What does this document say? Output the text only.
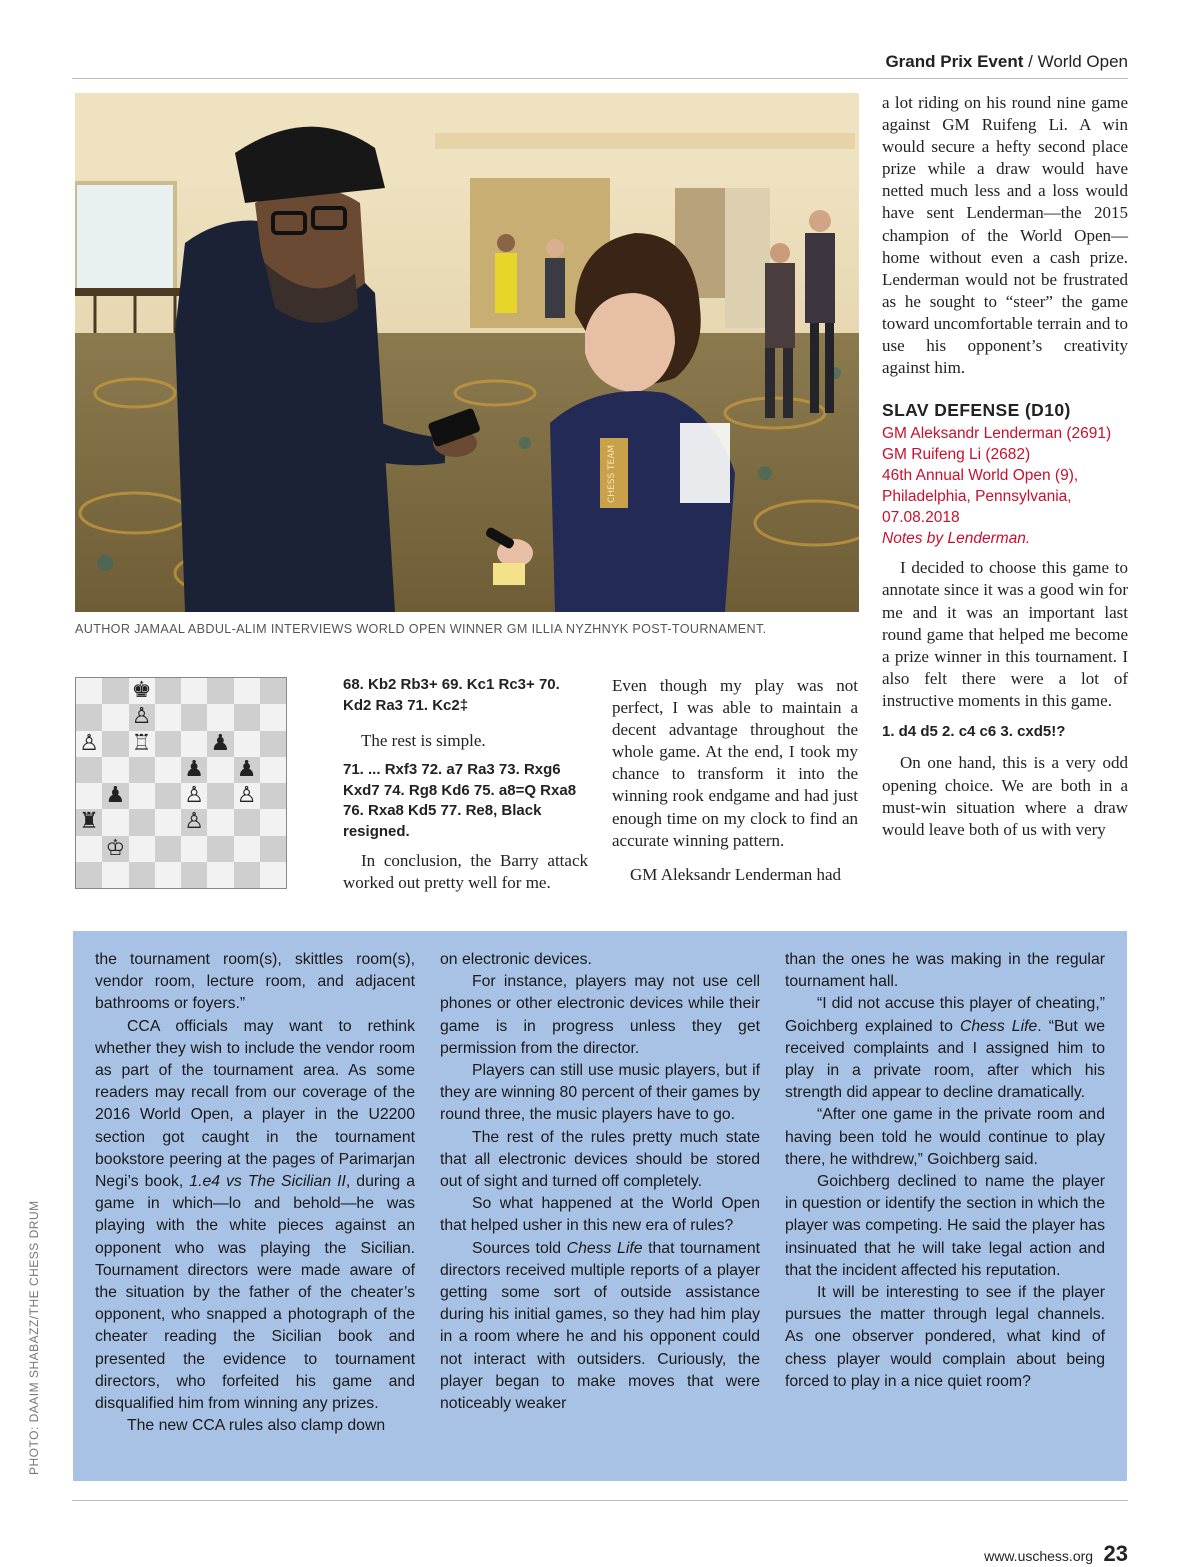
Grand Prix Event / World Open
CHESS TEAM
AUTHOR JAMAAL ABDUL-ALIM INTERVIEWS WORLD OPEN WINNER GM ILLIA NYZHNYK POST-TOURNAMENT.
♚
♙
♙ ♖	♟
♟ ♟
♟	♙ ♙
♜	♙
♔

68. Kb2 Rb3+ 69. Kc1 Rc3+ 70. Kd2 Ra3 71. Kc2‡

The rest is simple.

71. ... Rxf3 72. a7 Ra3 73. Rxg6 Kxd7 74. Rg8 Kd6 75. a8=Q Rxa8 76. Rxa8 Kd5 77. Re8, Black resigned.

In conclusion, the Barry attack worked out pretty well for me.

Even though my play was not perfect, I was able to maintain a decent advantage throughout the whole game. At the end, I took my chance to transform it into the winning rook endgame and had just enough time on my clock to find an accurate winning pattern.

GM Aleksandr Lenderman had

a lot riding on his round nine game against GM Ruifeng Li. A win would secure a hefty second place prize while a draw would have netted much less and a loss would have sent Lenderman—the 2015 champion of the World Open—home without even a cash prize. Lenderman would not be frustrated as he sought to “steer” the game toward uncomfortable terrain and to use his opponent’s creativity against him.

SLAV DEFENSE (D10)

GM Aleksandr Lenderman (2691)
GM Ruifeng Li (2682)
46th Annual World Open (9), Philadelphia, Pennsylvania, 07.08.2018
Notes by Lenderman.

I decided to choose this game to annotate since it was a good win for me and it was an important last round game that helped me become a prize winner in this tournament. I also felt there were a lot of instructive moments in this game.

1. d4 d5 2. c4 c6 3. cxd5!?

On one hand, this is a very odd opening choice. We are both in a must-win situation where a draw would leave both of us with very

the tournament room(s), skittles room(s), vendor room, lecture room, and adjacent bathrooms or foyers.”

CCA officials may want to rethink whether they wish to include the vendor room as part of the tournament area. As some readers may recall from our coverage of the 2016 World Open, a player in the U2200 section got caught in the tournament bookstore peering at the pages of Parimarjan Negi’s book, 1.e4 vs The Sicilian II, during a game in which—lo and behold—he was playing with the white pieces against an opponent who was playing the Sicilian. Tournament directors were made aware of the situation by the father of the cheater’s opponent, who snapped a photograph of the cheater reading the Sicilian book and presented the evidence to tournament directors, who forfeited his game and disqualified him from winning any prizes.

The new CCA rules also clamp down

on electronic devices.

For instance, players may not use cell phones or other electronic devices while their game is in progress unless they get permission from the director.

Players can still use music players, but if they are winning 80 percent of their games by round three, the music players have to go.

The rest of the rules pretty much state that all electronic devices should be stored out of sight and turned off completely.

So what happened at the World Open that helped usher in this new era of rules?

Sources told Chess Life that tournament directors received multiple reports of a player getting some sort of outside assistance during his initial games, so they had him play in a room where he and his opponent could not interact with outsiders. Curiously, the player began to make moves that were noticeably weaker

than the ones he was making in the regular tournament hall.

“I did not accuse this player of cheating,” Goichberg explained to Chess Life. “But we received complaints and I assigned him to play in a private room, after which his strength did appear to decline dramatically.

“After one game in the private room and having been told he would continue to play there, he withdrew,” Goichberg said.

Goichberg declined to name the player in question or identify the section in which the player was competing. He said the player has insinuated that he will take legal action and that the incident affected his reputation.

It will be interesting to see if the player pursues the matter through legal channels. As one observer pondered, what kind of chess player would complain about being forced to play in a nice quiet room?

PHOTO: DAAIM SHABAZZ/THE CHESS DRUM
www.uschess.org 23
